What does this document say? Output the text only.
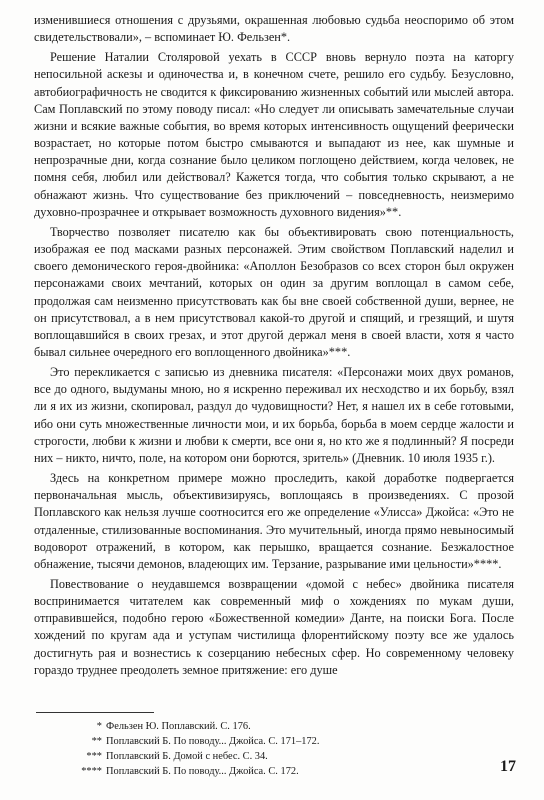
изменившиеся отношения с друзьями, окрашенная любовью судьба неоспоримо об этом свидетельствовали», – вспоминает Ю. Фельзен*.

Решение Наталии Столяровой уехать в СССР вновь вернуло поэта на каторгу непосильной аскезы и одиночества и, в конечном счете, решило его судьбу. Безусловно, автобиографичность не сводится к фиксированию жизненных событий или мыслей автора. Сам Поплавский по этому поводу писал: «Но следует ли описывать замечательные случаи жизни и всякие важные события, во время которых интенсивность ощущений феерически возрастает, но которые потом быстро смываются и выпадают из нее, как шумные и непрозрачные дни, когда сознание было целиком поглощено действием, когда человек, не помня себя, любил или действовал? Кажется тогда, что события только скрывают, а не обнажают жизнь. Что существование без приключений – повседневность, неизмеримо духовно-прозрачнее и открывает возможность духовного видения»**.

Творчество позволяет писателю как бы объективировать свою потенциальность, изображая ее под масками разных персонажей. Этим свойством Поплавский наделил и своего демонического героя-двойника: «Аполлон Безобразов со всех сторон был окружен персонажами своих мечтаний, которых он один за другим воплощал в самом себе, продолжая сам неизменно присутствовать как бы вне своей собственной души, вернее, не он присутствовал, а в нем присутствовал какой-то другой и спящий, и грезящий, и шутя воплощавшийся в своих грезах, и этот другой держал меня в своей власти, хотя я часто бывал сильнее очередного его воплощенного двойника»***.

Это перекликается с записью из дневника писателя: «Персонажи моих двух романов, все до одного, выдуманы мною, но я искренно переживал их несходство и их борьбу, взял ли я их из жизни, скопировал, раздул до чудовищности? Нет, я нашел их в себе готовыми, ибо они суть множественные личности мои, и их борьба, борьба в моем сердце жалости и строгости, любви к жизни и любви к смерти, все они я, но кто же я подлинный? Я посреди них – никто, ничто, поле, на котором они борются, зритель» (Дневник. 10 июля 1935 г.).

Здесь на конкретном примере можно проследить, какой доработке подвергается первоначальная мысль, объективизируясь, воплощаясь в произведениях. С прозой Поплавского как нельзя лучше соотносится его же определение «Улисса» Джойса: «Это не отдаленные, стилизованные воспоминания. Это мучительный, иногда прямо невыносимый водоворот отражений, в котором, как перышко, вращается сознание. Безжалостное обнажение, тысячи демонов, владеющих им. Терзание, разрывание ими цельности»****.

Повествование о неудавшемся возвращении «домой с небес» двойника писателя воспринимается читателем как современный миф о хождениях по мукам души, отправившейся, подобно герою «Божественной комедии» Данте, на поиски Бога. После хождений по кругам ада и уступам чистилища флорентийскому поэту все же удалось достигнуть рая и вознестись к созерцанию небесных сфер. Но современному человеку гораздо труднее преодолеть земное притяжение: его душе

* Фельзен Ю. Поплавский. С. 176.
** Поплавский Б. По поводу... Джойса. С. 171–172.
*** Поплавский Б. Домой с небес. С. 34.
**** Поплавский Б. По поводу... Джойса. С. 172.	17
